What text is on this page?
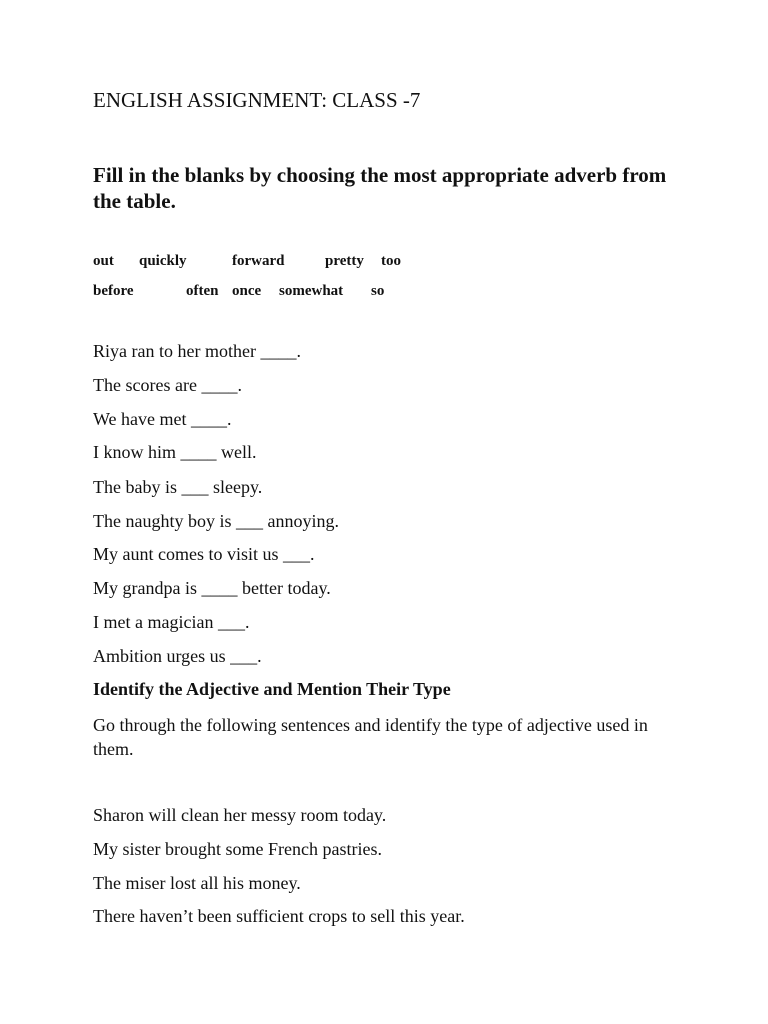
ENGLISH ASSIGNMENT: CLASS -7
Fill in the blanks by choosing the most appropriate adverb from the table.
out quickly	forward	pretty too
before	often once somewhat so
Riya ran to her mother ____.
The scores are ____.
We have met ____.
I know him ____ well.
The baby is ___ sleepy.
The naughty boy is ___ annoying.
My aunt comes to visit us ___.
My grandpa is ____ better today.
I met a magician ___.
Ambition urges us ___.
Identify the Adjective and Mention Their Type
Go through the following sentences and identify the type of adjective used in them.
Sharon will clean her messy room today.
My sister brought some French pastries.
The miser lost all his money.
There haven’t been sufficient crops to sell this year.
